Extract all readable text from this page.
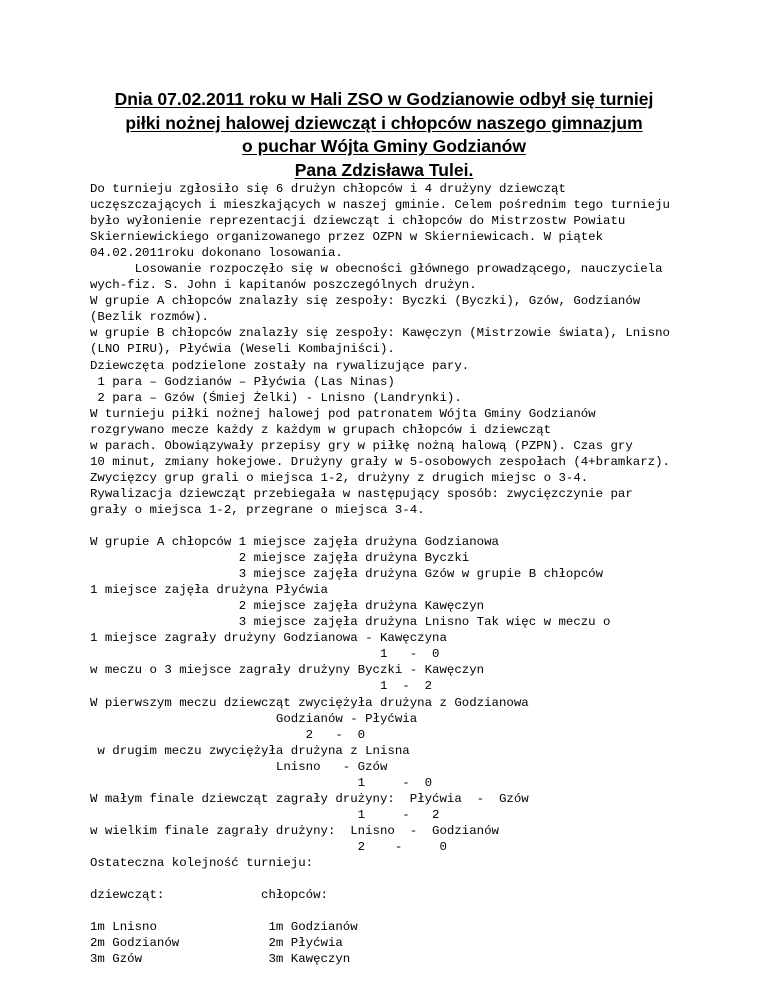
Dnia 07.02.2011 roku w Hali ZSO w Godzianowie odbył się turniej
piłki nożnej halowej dziewcząt i chłopców naszego gimnazjum
o puchar Wójta Gminy Godzianów
Pana Zdzisława Tulei.
Do turnieju zgłosiło się 6 drużyn chłopców i 4 drużyny dziewcząt
uczęszczających i mieszkających w naszej gminie. Celem pośrednim tego turnieju
było wyłonienie reprezentacji dziewcząt i chłopców do Mistrzostw Powiatu
Skierniewickiego organizowanego przez OZPN w Skierniewicach. W piątek
04.02.2011roku dokonano losowania.
Losowanie rozpoczęło się w obecności głównego prowadzącego, nauczyciela
wych-fiz. S. John i kapitanów poszczególnych drużyn.
W grupie A chłopców znalazły się zespoły: Byczki (Byczki), Gzów, Godzianów
(Bezlik rozmów).
w grupie B chłopców znalazły się zespoły: Kawęczyn (Mistrzowie świata), Lnisno
(LNO PIRU), Płyćwia (Weseli Kombajniści).
Dziewczęta podzielone zostały na rywalizujące pary.
1 para – Godzianów – Płyćwia (Las Ninas)
2 para – Gzów (Śmiej Żelki) - Lnisno (Landrynki).
W turnieju piłki nożnej halowej pod patronatem Wójta Gminy Godzianów
rozgrywano mecze każdy z każdym w grupach chłopców i dziewcząt
w parach. Obowiązywały przepisy gry w piłkę nożną halową (PZPN). Czas gry
10 minut, zmiany hokejowe. Drużyny grały w 5-osobowych zespołach (4+bramkarz).
Zwycięzcy grup grali o miejsca 1-2, drużyny z drugich miejsc o 3-4.
Rywalizacja dziewcząt przebiegała w następujący sposób: zwycięzczynie par
grały o miejsca 1-2, przegrane o miejsca 3-4.

W grupie A chłopców 1 miejsce zajęła drużyna Godzianowa
2 miejsce zajęła drużyna Byczki
3 miejsce zajęła drużyna Gzów w grupie B chłopców
1 miejsce zajęła drużyna Płyćwia
2 miejsce zajęła drużyna Kawęczyn
3 miejsce zajęła drużyna Lnisno Tak więc w meczu o
1 miejsce zagrały drużyny Godzianowa - Kawęczyna
1   -  0
w meczu o 3 miejsce zagrały drużyny Byczki - Kawęczyn
1  -  2
W pierwszym meczu dziewcząt zwyciężyła drużyna z Godzianowa
Godzianów - Płyćwia
2   -  0
w drugim meczu zwyciężyła drużyna z Lnisna
Lnisno   - Gzów
1     -  0
W małym finale dziewcząt zagrały drużyny:  Płyćwia  -  Gzów
1     -   2
w wielkim finale zagrały drużyny:  Lnisno  -  Godzianów
2    -     0
Ostateczna kolejność turnieju:

dziewcząt:             chłopców:

1m Lnisno               1m Godzianów
2m Godzianów            2m Płyćwia
3m Gzów                 3m Kawęczyn
